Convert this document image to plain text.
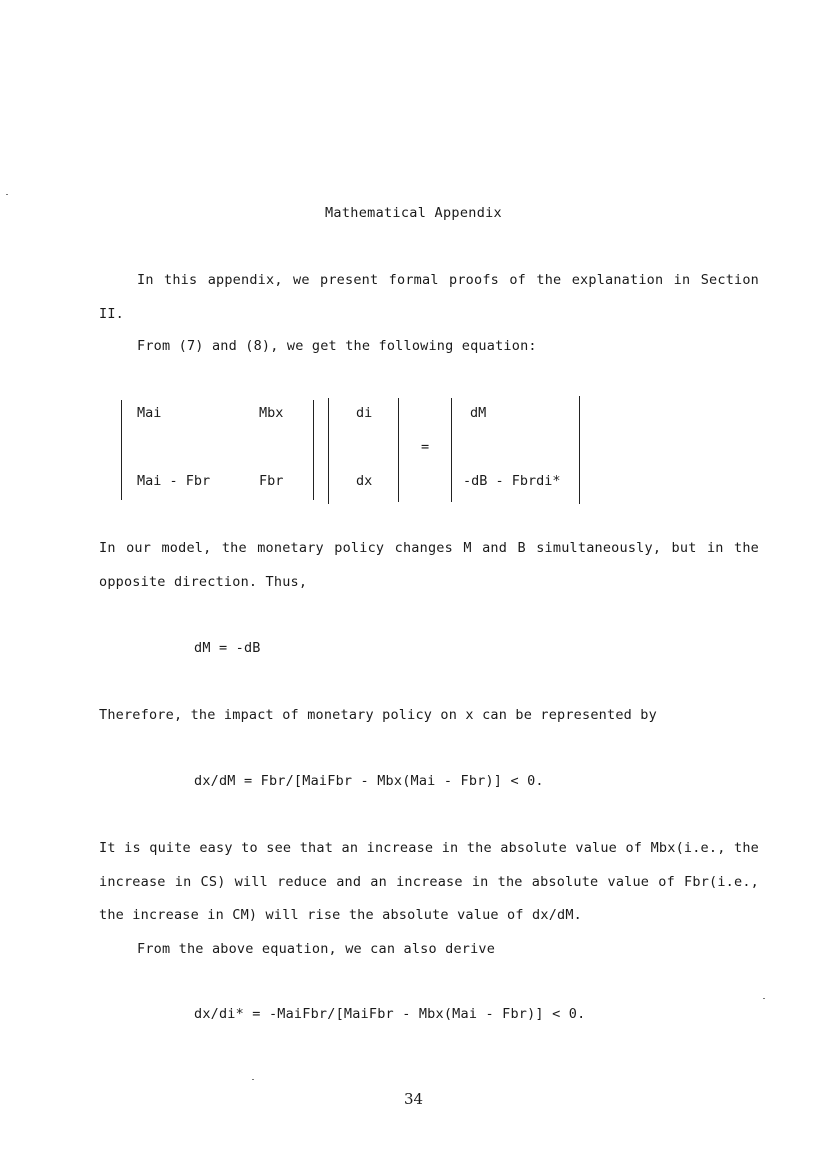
Mathematical Appendix
In this appendix, we present formal proofs of the explanation in Section II.
From (7) and (8), we get the following equation:
Mai	Mbx
Mai - Fbr	Fbr
di
dx
=
dM
-dB - Fbrdi*
In our model, the monetary policy changes M and B simultaneously, but in the opposite direction. Thus,
dM = -dB
Therefore, the impact of monetary policy on x can be represented by
dx/dM = Fbr/[MaiFbr - Mbx(Mai - Fbr)] < 0.
It is quite easy to see that an increase in the absolute value of Mbx(i.e., the increase in CS) will reduce and an increase in the absolute value of Fbr(i.e., the increase in CM) will rise the absolute value of dx/dM.
From the above equation, we can also derive
dx/di* = -MaiFbr/[MaiFbr - Mbx(Mai - Fbr)] < 0.
34
